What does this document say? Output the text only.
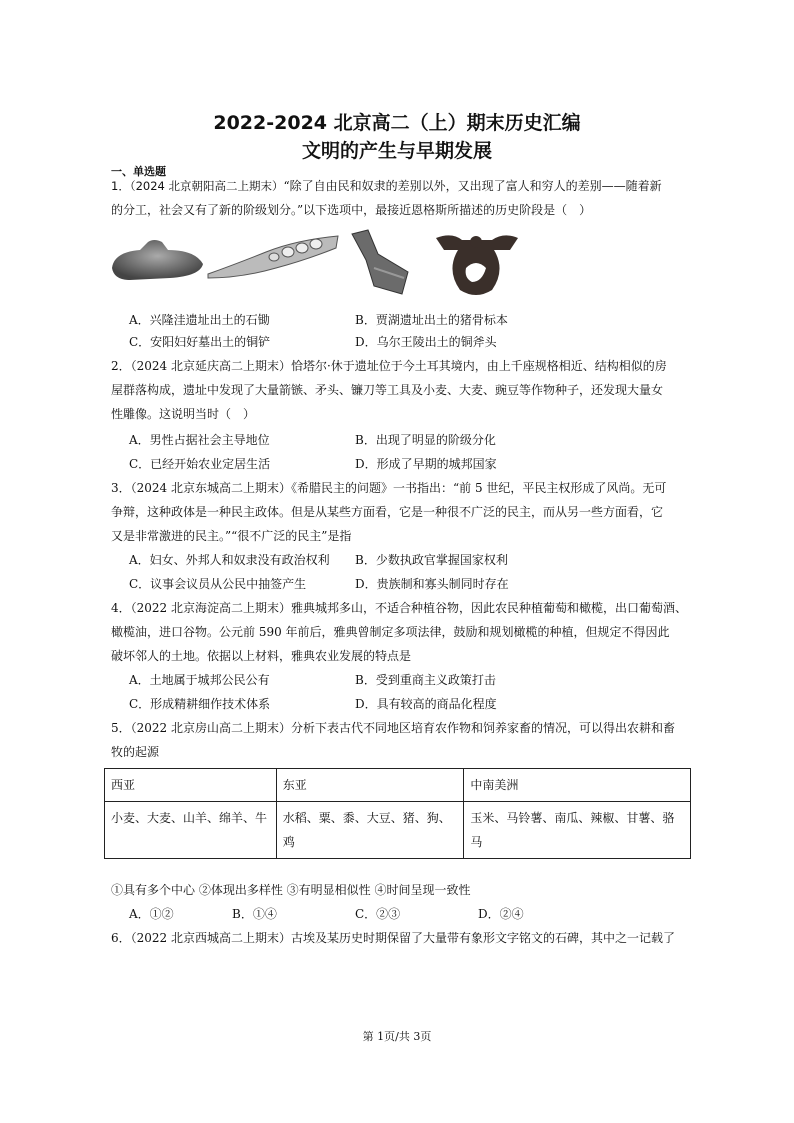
2022-2024 北京高二（上）期末历史汇编
文明的产生与早期发展
一、单选题
1．（2024 北京朝阳高二上期末）“除了自由民和奴隶的差别以外，又出现了富人和穷人的差别——随着新
的分工，社会又有了新的阶级划分。”以下选项中，最接近恩格斯所描述的历史阶段是（　）
A．兴隆洼遗址出土的石锄	B．贾湖遗址出土的猪骨标本
C．安阳妇好墓出土的铜铲	D．乌尔王陵出土的铜斧头
2．（2024 北京延庆高二上期末）恰塔尔·休于遗址位于今土耳其境内，由上千座规格相近、结构相似的房
屋群落构成，遗址中发现了大量箭镞、矛头、镰刀等工具及小麦、大麦、豌豆等作物种子，还发现大量女
性雕像。这说明当时（　）
A．男性占据社会主导地位	B．出现了明显的阶级分化
C．已经开始农业定居生活	D．形成了早期的城邦国家
3．（2024 北京东城高二上期末）《希腊民主的问题》一书指出：“前 5 世纪，平民主权形成了风尚。无可
争辩，这种政体是一种民主政体。但是从某些方面看，它是一种很不广泛的民主，而从另一些方面看，它
又是非常激进的民主。”“很不广泛的民主”是指
A．妇女、外邦人和奴隶没有政治权利 B．少数执政官掌握国家权利
C．议事会议员从公民中抽签产生	D．贵族制和寡头制同时存在
4．（2022 北京海淀高二上期末）雅典城邦多山，不适合种植谷物，因此农民种植葡萄和橄榄，出口葡萄酒、
橄榄油，进口谷物。公元前 590 年前后，雅典曾制定多项法律，鼓励和规划橄榄的种植，但规定不得因此
破坏邻人的土地。依据以上材料，雅典农业发展的特点是
A．土地属于城邦公民公有	B．受到重商主义政策打击
C．形成精耕细作技术体系	D．具有较高的商品化程度
5．（2022 北京房山高二上期末）分析下表古代不同地区培育农作物和饲养家畜的情况，可以得出农耕和畜
牧的起源
西亚	东亚	中南美洲
小麦、大麦、山羊、绵羊、牛	水稻、粟、黍、大豆、猪、狗、鸡	玉米、马铃薯、南瓜、辣椒、甘薯、骆马
①具有多个中心 ②体现出多样性 ③有明显相似性 ④时间呈现一致性
A．①②	B．①④	C．②③	D．②④
6．（2022 北京西城高二上期末）古埃及某历史时期保留了大量带有象形文字铭文的石碑，其中之一记载了
第 1页/共 3页
